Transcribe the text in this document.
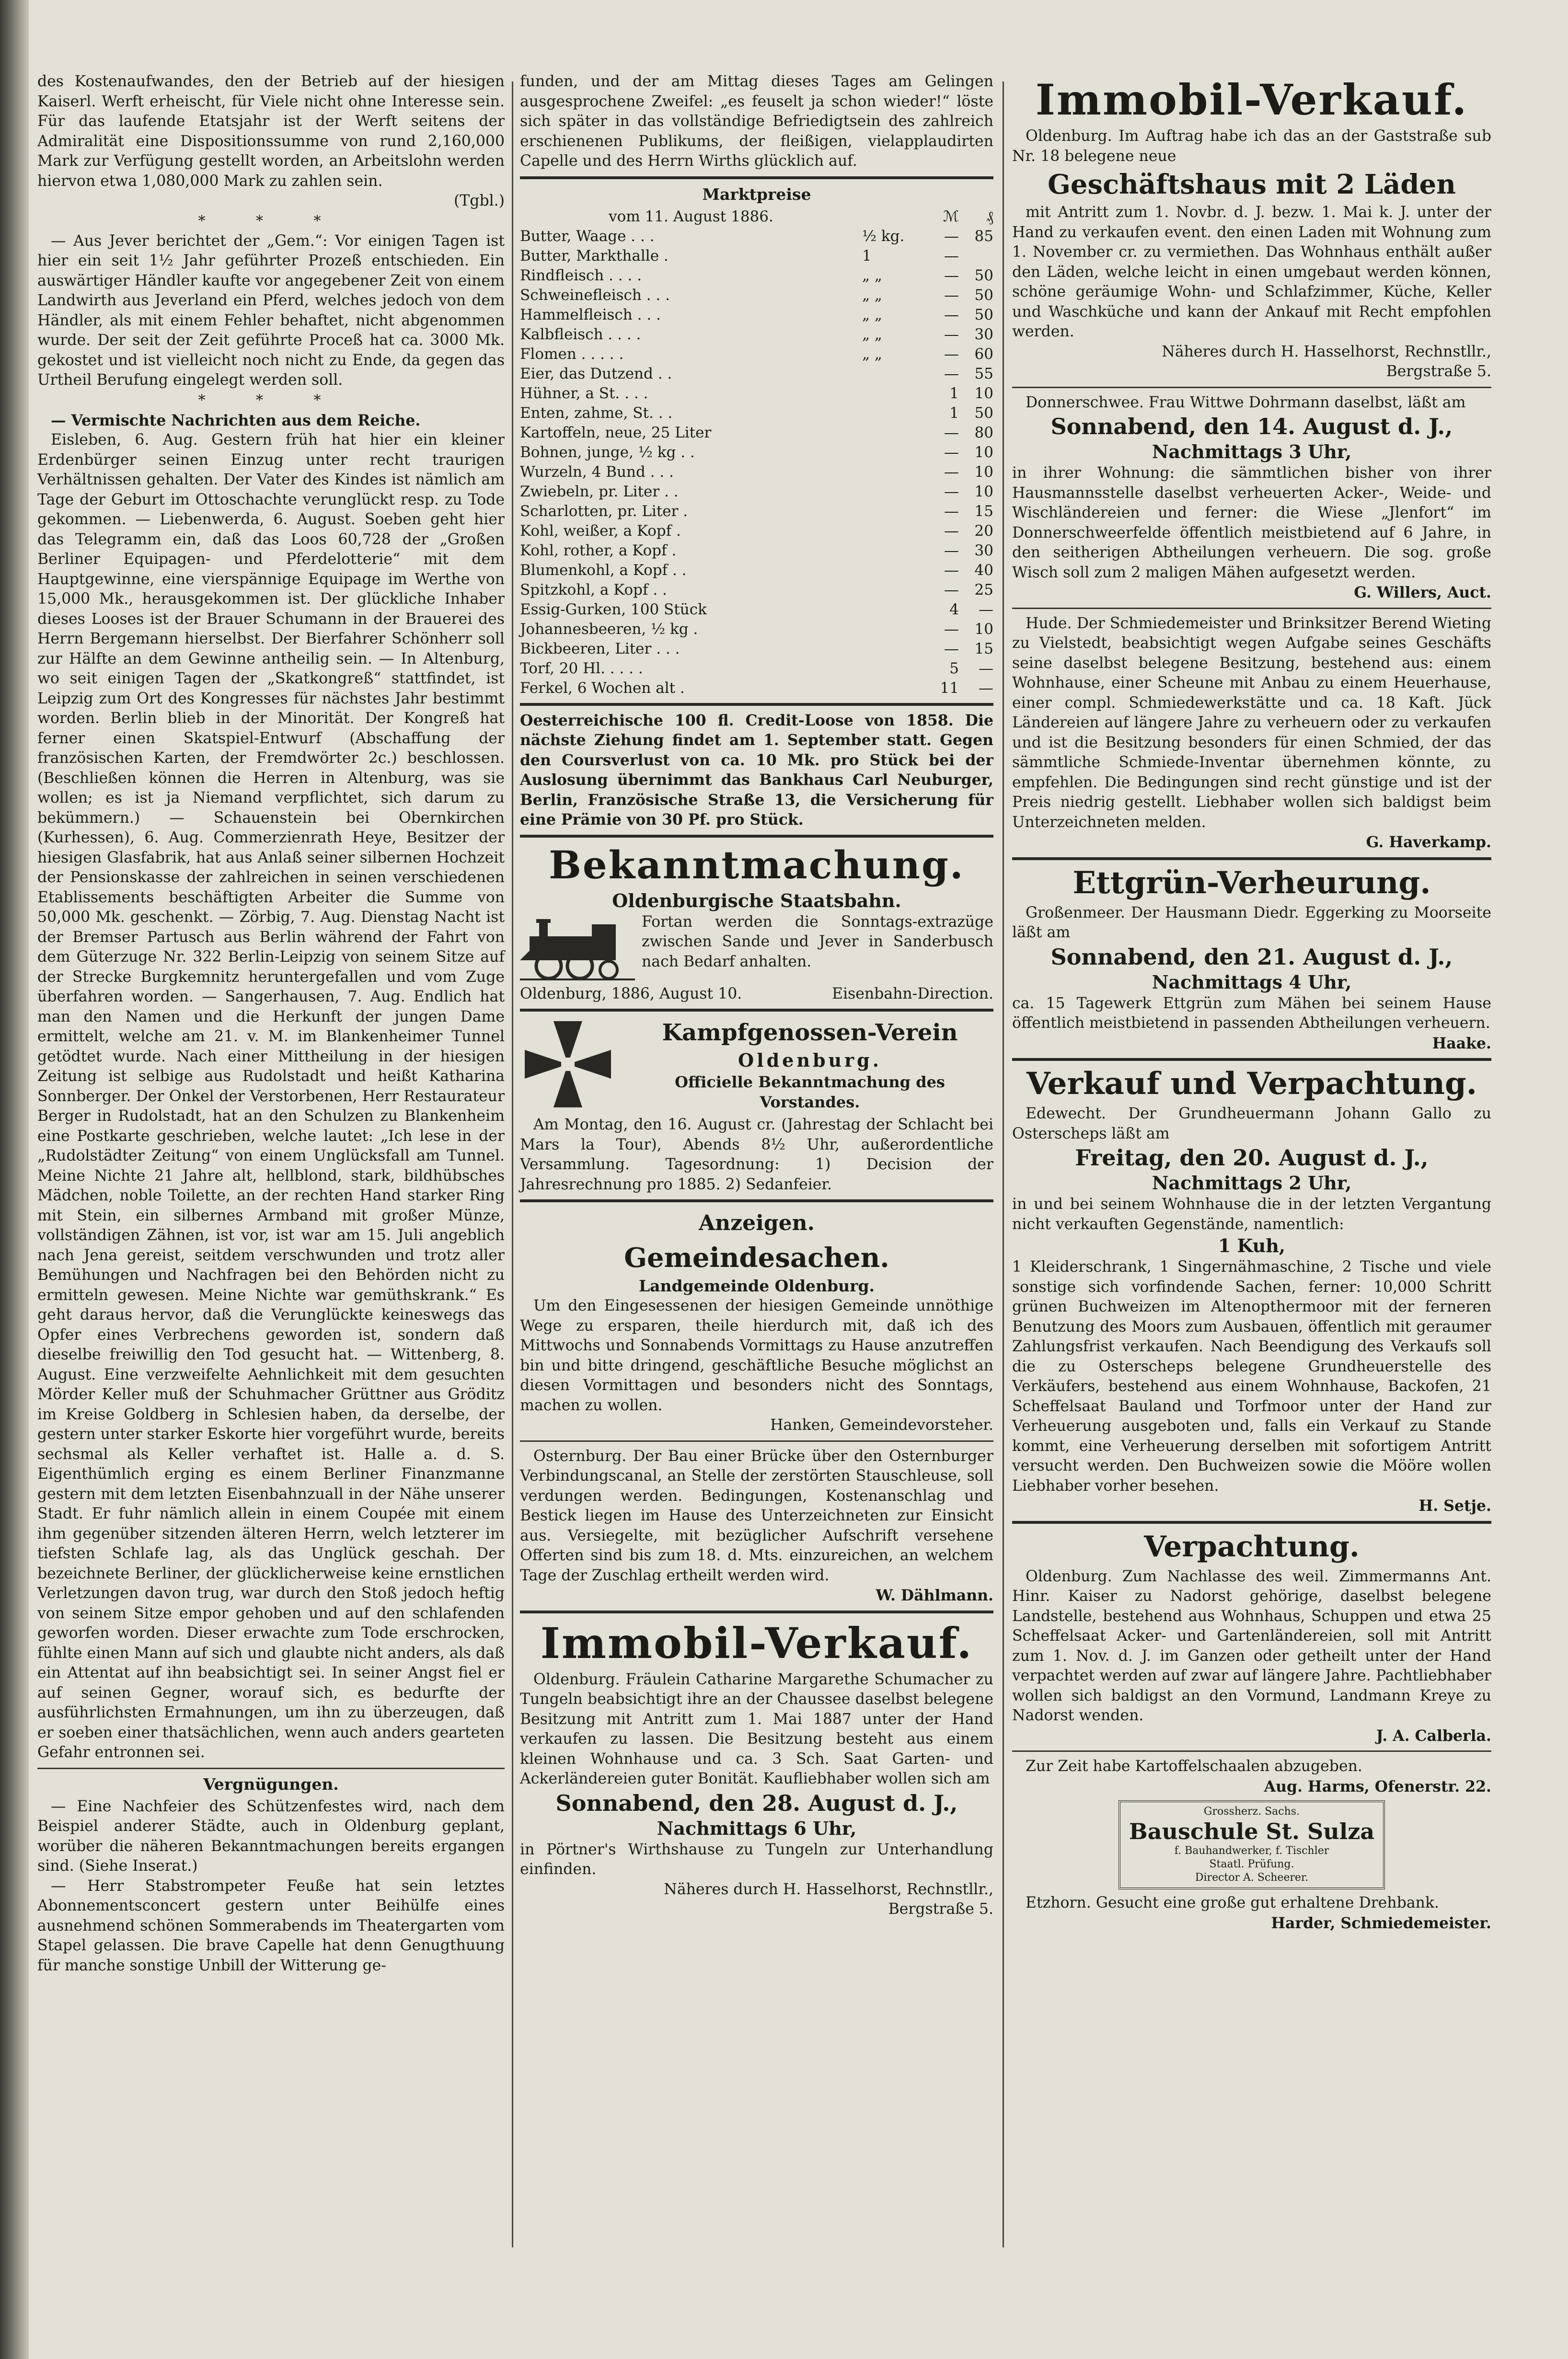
des Kostenaufwandes, den der Betrieb auf der hiesigen Kaiserl. Werft erheischt, für Viele nicht ohne Interesse sein. Für das laufende Etatsjahr ist der Werft seitens der Admiralität eine Dispositionssumme von rund 2,160,000 Mark zur Verfügung gestellt worden, an Arbeitslohn werden hiervon etwa 1,080,000 Mark zu zahlen sein.

(Tgbl.)
* * *

— Aus Jever berichtet der „Gem.“: Vor einigen Tagen ist hier ein seit 1½ Jahr geführter Prozeß entschieden. Ein auswärtiger Händler kaufte vor angegebener Zeit von einem Landwirth aus Jeverland ein Pferd, welches jedoch von dem Händler, als mit einem Fehler behaftet, nicht abgenommen wurde. Der seit der Zeit geführte Proceß hat ca. 3000 Mk. gekostet und ist vielleicht noch nicht zu Ende, da gegen das Urtheil Berufung eingelegt werden soll.

* * *

— Vermischte Nachrichten aus dem Reiche.

Eisleben, 6. Aug. Gestern früh hat hier ein kleiner Erdenbürger seinen Einzug unter recht traurigen Verhältnissen gehalten. Der Vater des Kindes ist nämlich am Tage der Geburt im Ottoschachte verunglückt resp. zu Tode gekommen. — Liebenwerda, 6. August. Soeben geht hier das Telegramm ein, daß das Loos 60,728 der „Großen Berliner Equipagen- und Pferdelotterie“ mit dem Hauptgewinne, eine vierspännige Equipage im Werthe von 15,000 Mk., herausgekommen ist. Der glückliche Inhaber dieses Looses ist der Brauer Schumann in der Brauerei des Herrn Bergemann hierselbst. Der Bierfahrer Schönherr soll zur Hälfte an dem Gewinne antheilig sein. — In Altenburg, wo seit einigen Tagen der „Skatkongreß“ stattfindet, ist Leipzig zum Ort des Kongresses für nächstes Jahr bestimmt worden. Berlin blieb in der Minorität. Der Kongreß hat ferner einen Skatspiel-Entwurf (Abschaffung der französischen Karten, der Fremdwörter 2c.) beschlossen. (Beschließen können die Herren in Altenburg, was sie wollen; es ist ja Niemand verpflichtet, sich darum zu bekümmern.) — Schauenstein bei Obernkirchen (Kurhessen), 6. Aug. Commerzienrath Heye, Besitzer der hiesigen Glasfabrik, hat aus Anlaß seiner silbernen Hochzeit der Pensionskasse der zahlreichen in seinen verschiedenen Etablissements beschäftigten Arbeiter die Summe von 50,000 Mk. geschenkt. — Zörbig, 7. Aug. Dienstag Nacht ist der Bremser Partusch aus Berlin während der Fahrt von dem Güterzuge Nr. 322 Berlin-Leipzig von seinem Sitze auf der Strecke Burgkemnitz heruntergefallen und vom Zuge überfahren worden. — Sangerhausen, 7. Aug. Endlich hat man den Namen und die Herkunft der jungen Dame ermittelt, welche am 21. v. M. im Blankenheimer Tunnel getödtet wurde. Nach einer Mittheilung in der hiesigen Zeitung ist selbige aus Rudolstadt und heißt Katharina Sonnberger. Der Onkel der Verstorbenen, Herr Restaurateur Berger in Rudolstadt, hat an den Schulzen zu Blankenheim eine Postkarte geschrieben, welche lautet: „Ich lese in der „Rudolstädter Zeitung“ von einem Unglücksfall am Tunnel. Meine Nichte 21 Jahre alt, hellblond, stark, bildhübsches Mädchen, noble Toilette, an der rechten Hand starker Ring mit Stein, ein silbernes Armband mit großer Münze, vollständigen Zähnen, ist vor, ist war am 15. Juli angeblich nach Jena gereist, seitdem verschwunden und trotz aller Bemühungen und Nachfragen bei den Behörden nicht zu ermitteln gewesen. Meine Nichte war gemüthskrank.“ Es geht daraus hervor, daß die Verunglückte keineswegs das Opfer eines Verbrechens geworden ist, sondern daß dieselbe freiwillig den Tod gesucht hat. — Wittenberg, 8. August. Eine verzweifelte Aehnlichkeit mit dem gesuchten Mörder Keller muß der Schuhmacher Grüttner aus Gröditz im Kreise Goldberg in Schlesien haben, da derselbe, der gestern unter starker Eskorte hier vorgeführt wurde, bereits sechsmal als Keller verhaftet ist. Halle a. d. S. Eigenthümlich erging es einem Berliner Finanzmanne gestern mit dem letzten Eisenbahnzuall in der Nähe unserer Stadt. Er fuhr nämlich allein in einem Coupée mit einem ihm gegenüber sitzenden älteren Herrn, welch letzterer im tiefsten Schlafe lag, als das Unglück geschah. Der bezeichnete Berliner, der glücklicherweise keine ernstlichen Verletzungen davon trug, war durch den Stoß jedoch heftig von seinem Sitze empor gehoben und auf den schlafenden geworfen worden. Dieser erwachte zum Tode erschrocken, fühlte einen Mann auf sich und glaubte nicht anders, als daß ein Attentat auf ihn beabsichtigt sei. In seiner Angst fiel er auf seinen Gegner, worauf sich, es bedurfte der ausführlichsten Ermahnungen, um ihn zu überzeugen, daß er soeben einer thatsächlichen, wenn auch anders gearteten Gefahr entronnen sei.

Vergnügungen.

— Eine Nachfeier des Schützenfestes wird, nach dem Beispiel anderer Städte, auch in Oldenburg geplant, worüber die näheren Bekanntmachungen bereits ergangen sind. (Siehe Inserat.)

— Herr Stabstrompeter Feuße hat sein letztes Abonnementsconcert gestern unter Beihülfe eines ausnehmend schönen Sommerabends im Theatergarten vom Stapel gelassen. Die brave Capelle hat denn Genugthuung für manche sonstige Unbill der Witterung ge-

funden, und der am Mittag dieses Tages am Gelingen ausgesprochene Zweifel: „es feuselt ja schon wieder!“ löste sich später in das vollständige Befriedigtsein des zahlreich erschienenen Publikums, der fleißigen, vielapplaudirten Capelle und des Herrn Wirths glücklich auf.

Marktpreise
vom 11. August 1886.		ℳ	₰
Butter, Waage . . .	½ kg.	—	85
Butter, Markthalle .	1	—	
Rindfleisch . . . .	„ „	—	50
Schweinefleisch . . .	„ „	—	50
Hammelfleisch . . .	„ „	—	50
Kalbfleisch . . . .	„ „	—	30
Flomen . . . . .	„ „	—	60
Eier, das Dutzend . .		—	55
Hühner, a St. . . .		1	10
Enten, zahme, St. . .		1	50
Kartoffeln, neue, 25 Liter		—	80
Bohnen, junge, ½ kg . .		—	10
Wurzeln, 4 Bund . . .		—	10
Zwiebeln, pr. Liter . .		—	10
Scharlotten, pr. Liter .		—	15
Kohl, weißer, a Kopf .		—	20
Kohl, rother, a Kopf .		—	30
Blumenkohl, a Kopf . .		—	40
Spitzkohl, a Kopf . .		—	25
Essig-Gurken, 100 Stück		4	—
Johannesbeeren, ½ kg .		—	10
Bickbeeren, Liter . . .		—	15
Torf, 20 Hl. . . . .		5	—
Ferkel, 6 Wochen alt .		11	—

Oesterreichische 100 fl. Credit-Loose von 1858. Die nächste Ziehung findet am 1. September statt. Gegen den Coursverlust von ca. 10 Mk. pro Stück bei der Auslosung übernimmt das Bankhaus Carl Neuburger, Berlin, Französische Straße 13, die Versicherung für eine Prämie von 30 Pf. pro Stück.

Bekanntmachung.
Oldenburgische Staatsbahn.

Fortan werden die Sonntags-extrazüge zwischen Sande und Jever in Sanderbusch nach Bedarf anhalten.

Oldenburg, 1886, August 10.	Eisenbahn-Direction.
Kampfgenossen-Verein
Oldenburg.
Officielle Bekanntmachung des Vorstandes.

Am Montag, den 16. August cr. (Jahrestag der Schlacht bei Mars la Tour), Abends 8½ Uhr, außerordentliche Versammlung. Tagesordnung: 1) Decision der Jahresrechnung pro 1885. 2) Sedanfeier.

Anzeigen.
Gemeindesachen.
Landgemeinde Oldenburg.

Um den Eingesessenen der hiesigen Gemeinde unnöthige Wege zu ersparen, theile hierdurch mit, daß ich des Mittwochs und Sonnabends Vormittags zu Hause anzutreffen bin und bitte dringend, geschäftliche Besuche möglichst an diesen Vormittagen und besonders nicht des Sonntags, machen zu wollen.

Hanken, Gemeindevorsteher.

Osternburg. Der Bau einer Brücke über den Osternburger Verbindungscanal, an Stelle der zerstörten Stauschleuse, soll verdungen werden. Bedingungen, Kostenanschlag und Bestick liegen im Hause des Unterzeichneten zur Einsicht aus. Versiegelte, mit bezüglicher Aufschrift versehene Offerten sind bis zum 18. d. Mts. einzureichen, an welchem Tage der Zuschlag ertheilt werden wird.

W. Dählmann.
Immobil-Verkauf.

Oldenburg. Fräulein Catharine Margarethe Schumacher zu Tungeln beabsichtigt ihre an der Chaussee daselbst belegene Besitzung mit Antritt zum 1. Mai 1887 unter der Hand verkaufen zu lassen. Die Besitzung besteht aus einem kleinen Wohnhause und ca. 3 Sch. Saat Garten- und Ackerländereien guter Bonität. Kaufliebhaber wollen sich am

Sonnabend, den 28. August d. J.,
Nachmittags 6 Uhr,

in Pörtner's Wirthshause zu Tungeln zur Unterhandlung einfinden.

Näheres durch H. Hasselhorst, Rechnstllr.,
Bergstraße 5.
Immobil-Verkauf.

Oldenburg. Im Auftrag habe ich das an der Gaststraße sub Nr. 18 belegene neue

Geschäftshaus mit 2 Läden

mit Antritt zum 1. Novbr. d. J. bezw. 1. Mai k. J. unter der Hand zu verkaufen event. den einen Laden mit Wohnung zum 1. November cr. zu vermiethen. Das Wohnhaus enthält außer den Läden, welche leicht in einen umgebaut werden können, schöne geräumige Wohn- und Schlafzimmer, Küche, Keller und Waschküche und kann der Ankauf mit Recht empfohlen werden.

Näheres durch H. Hasselhorst, Rechnstllr.,
Bergstraße 5.

Donnerschwee. Frau Wittwe Dohrmann daselbst, läßt am

Sonnabend, den 14. August d. J.,
Nachmittags 3 Uhr,

in ihrer Wohnung: die sämmtlichen bisher von ihrer Hausmannsstelle daselbst verheuerten Acker-, Weide- und Wischländereien und ferner: die Wiese „Jlenfort“ im Donnerschweerfelde öffentlich meistbietend auf 6 Jahre, in den seitherigen Abtheilungen verheuern. Die sog. große Wisch soll zum 2 maligen Mähen aufgesetzt werden.

G. Willers, Auct.

Hude. Der Schmiedemeister und Brinksitzer Berend Wieting zu Vielstedt, beabsichtigt wegen Aufgabe seines Geschäfts seine daselbst belegene Besitzung, bestehend aus: einem Wohnhause, einer Scheune mit Anbau zu einem Heuerhause, einer compl. Schmiedewerkstätte und ca. 18 Kaft. Jück Ländereien auf längere Jahre zu verheuern oder zu verkaufen und ist die Besitzung besonders für einen Schmied, der das sämmtliche Schmiede-Inventar übernehmen könnte, zu empfehlen. Die Bedingungen sind recht günstige und ist der Preis niedrig gestellt. Liebhaber wollen sich baldigst beim Unterzeichneten melden.

G. Haverkamp.
Ettgrün-Verheurung.

Großenmeer. Der Hausmann Diedr. Eggerking zu Moorseite läßt am

Sonnabend, den 21. August d. J.,
Nachmittags 4 Uhr,

ca. 15 Tagewerk Ettgrün zum Mähen bei seinem Hause öffentlich meistbietend in passenden Abtheilungen verheuern.

Haake.
Verkauf und Verpachtung.

Edewecht. Der Grundheuermann Johann Gallo zu Osterscheps läßt am

Freitag, den 20. August d. J.,
Nachmittags 2 Uhr,

in und bei seinem Wohnhause die in der letzten Vergantung nicht verkauften Gegenstände, namentlich:

1 Kuh,

1 Kleiderschrank, 1 Singernähmaschine, 2 Tische und viele sonstige sich vorfindende Sachen, ferner: 10,000 Schritt grünen Buchweizen im Altenopthermoor mit der ferneren Benutzung des Moors zum Ausbauen, öffentlich mit geraumer Zahlungsfrist verkaufen. Nach Beendigung des Verkaufs soll die zu Osterscheps belegene Grundheuerstelle des Verkäufers, bestehend aus einem Wohnhause, Backofen, 21 Scheffelsaat Bauland und Torfmoor unter der Hand zur Verheuerung ausgeboten und, falls ein Verkauf zu Stande kommt, eine Verheuerung derselben mit sofortigem Antritt versucht werden. Den Buchweizen sowie die Mööre wollen Liebhaber vorher besehen.

H. Setje.
Verpachtung.

Oldenburg. Zum Nachlasse des weil. Zimmermanns Ant. Hinr. Kaiser zu Nadorst gehörige, daselbst belegene Landstelle, bestehend aus Wohnhaus, Schuppen und etwa 25 Scheffelsaat Acker- und Gartenländereien, soll mit Antritt zum 1. Nov. d. J. im Ganzen oder getheilt unter der Hand verpachtet werden auf zwar auf längere Jahre. Pachtliebhaber wollen sich baldigst an den Vormund, Landmann Kreye zu Nadorst wenden.

J. A. Calberla.

Zur Zeit habe Kartoffelschaalen abzugeben.

Aug. Harms, Ofenerstr. 22.
Grossherz. Sachs.
Bauschule St. Sulza
f. Bauhandwerker, f. Tischler
Staatl. Prüfung.
Director A. Scheerer.

Etzhorn. Gesucht eine große gut erhaltene Drehbank.

Harder, Schmiedemeister.
